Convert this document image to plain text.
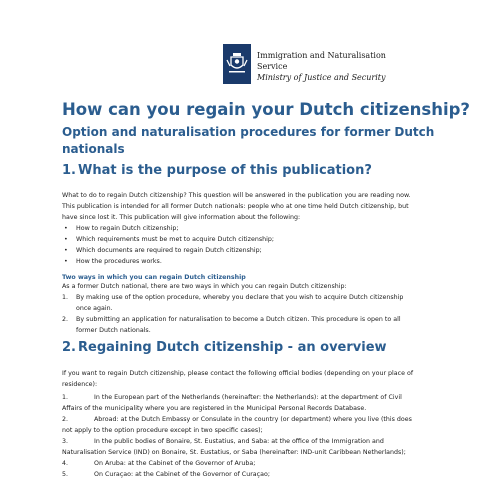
Immigration and Naturalisation
Service
Ministry of Justice and Security
How can you regain your Dutch citizenship?
Option and naturalisation procedures for former Dutch nationals
1. What is the purpose of this publication?

What to do to regain Dutch citizenship? This question will be answered in the publication you are reading now. This publication is intended for all former Dutch nationals: people who at one time held Dutch citizenship, but have since lost it. This publication will give information about the following:

• How to regain Dutch citizenship;
• Which requirements must be met to acquire Dutch citizenship;
• Which documents are required to regain Dutch citizenship;
• How the procedures works.

Two ways in which you can regain Dutch citizenship

As a former Dutch national, there are two ways in which you can regain Dutch citizenship:

1. By making use of the option procedure, whereby you declare that you wish to acquire Dutch citizenship once again.
2. By submitting an application for naturalisation to become a Dutch citizen. This procedure is open to all former Dutch nationals.
2. Regaining Dutch citizenship - an overview

If you want to regain Dutch citizenship, please contact the following official bodies (depending on your place of residence):

1.	In the European part of the Netherlands (hereinafter: the Netherlands): at the department of Civil Affairs of the municipality where you are registered in the Municipal Personal Records Database.
2.	Abroad: at the Dutch Embassy or Consulate in the country (or department) where you live (this does not apply to the option procedure except in two specific cases);
3.	In the public bodies of Bonaire, St. Eustatius, and Saba: at the office of the Immigration and Naturalisation Service (IND) on Bonaire, St. Eustatius, or Saba (hereinafter: IND-unit Caribbean Netherlands);
4.	On Aruba: at the Cabinet of the Governor of Aruba;
5.	On Curaçao: at the Cabinet of the Governor of Curaçao;
